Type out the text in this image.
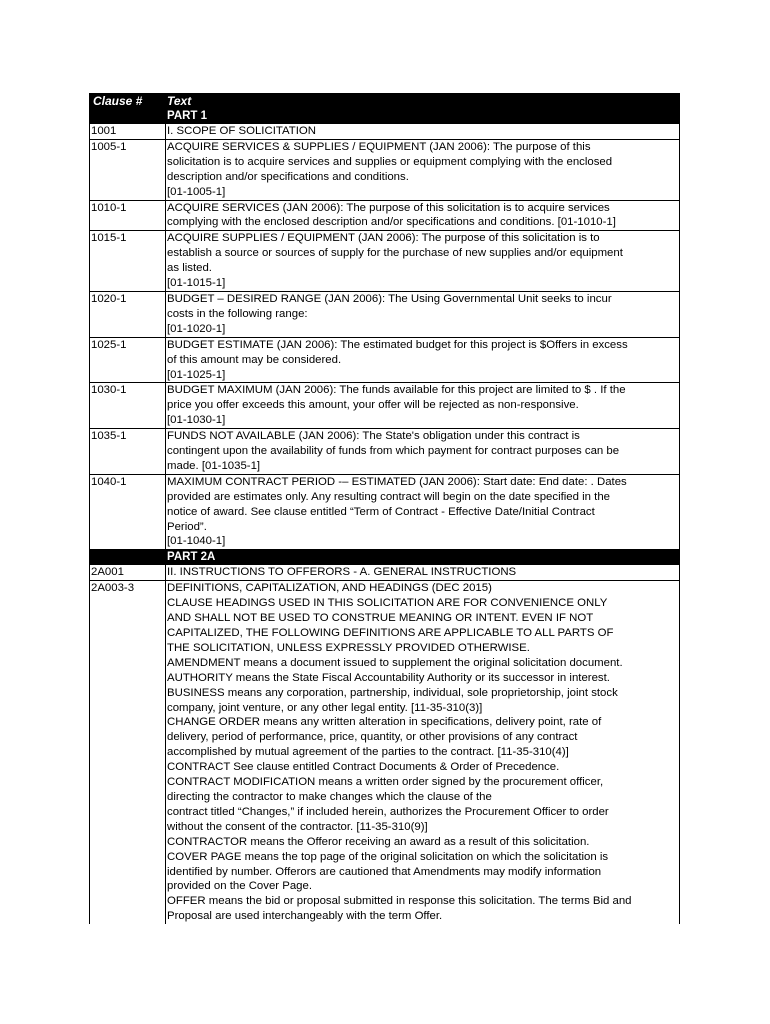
Clause #	Text
PART 1
1001	I. SCOPE OF SOLICITATION
1005-1	ACQUIRE SERVICES & SUPPLIES / EQUIPMENT (JAN 2006): The purpose of this
solicitation is to acquire services and supplies or equipment complying with the enclosed
description and/or specifications and conditions.
[01-1005-1]
1010-1	ACQUIRE SERVICES (JAN 2006): The purpose of this solicitation is to acquire services
complying with the enclosed description and/or specifications and conditions. [01-1010-1]
1015-1	ACQUIRE SUPPLIES / EQUIPMENT (JAN 2006): The purpose of this solicitation is to
establish a source or sources of supply for the purchase of new supplies and/or equipment
as listed.
[01-1015-1]
1020-1	BUDGET – DESIRED RANGE (JAN 2006): The Using Governmental Unit seeks to incur
costs in the following range:
[01-1020-1]
1025-1	BUDGET ESTIMATE (JAN 2006): The estimated budget for this project is $Offers in excess
of this amount may be considered.
[01-1025-1]
1030-1	BUDGET MAXIMUM (JAN 2006): The funds available for this project are limited to $ . If the
price you offer exceeds this amount, your offer will be rejected as non-responsive.
[01-1030-1]
1035-1	FUNDS NOT AVAILABLE (JAN 2006): The State's obligation under this contract is
contingent upon the availability of funds from which payment for contract purposes can be
made. [01-1035-1]
1040-1	MAXIMUM CONTRACT PERIOD -– ESTIMATED (JAN 2006): Start date: End date: . Dates
provided are estimates only. Any resulting contract will begin on the date specified in the
notice of award. See clause entitled “Term of Contract - Effective Date/Initial Contract
Period”.
[01-1040-1]
PART 2A
2A001	II. INSTRUCTIONS TO OFFERORS - A. GENERAL INSTRUCTIONS
2A003-3	DEFINITIONS, CAPITALIZATION, AND HEADINGS (DEC 2015)
CLAUSE HEADINGS USED IN THIS SOLICITATION ARE FOR CONVENIENCE ONLY
AND SHALL NOT BE USED TO CONSTRUE MEANING OR INTENT. EVEN IF NOT
CAPITALIZED, THE FOLLOWING DEFINITIONS ARE APPLICABLE TO ALL PARTS OF
THE SOLICITATION, UNLESS EXPRESSLY PROVIDED OTHERWISE.
AMENDMENT means a document issued to supplement the original solicitation document.
AUTHORITY means the State Fiscal Accountability Authority or its successor in interest.
BUSINESS means any corporation, partnership, individual, sole proprietorship, joint stock
company, joint venture, or any other legal entity. [11-35-310(3)]
CHANGE ORDER means any written alteration in specifications, delivery point, rate of
delivery, period of performance, price, quantity, or other provisions of any contract
accomplished by mutual agreement of the parties to the contract. [11-35-310(4)]
CONTRACT See clause entitled Contract Documents & Order of Precedence.
CONTRACT MODIFICATION means a written order signed by the procurement officer,
directing the contractor to make changes which the clause of the
contract titled “Changes,” if included herein, authorizes the Procurement Officer to order
without the consent of the contractor. [11-35-310(9)]
CONTRACTOR means the Offeror receiving an award as a result of this solicitation.
COVER PAGE means the top page of the original solicitation on which the solicitation is
identified by number. Offerors are cautioned that Amendments may modify information
provided on the Cover Page.
OFFER means the bid or proposal submitted in response this solicitation. The terms Bid and
Proposal are used interchangeably with the term Offer.
